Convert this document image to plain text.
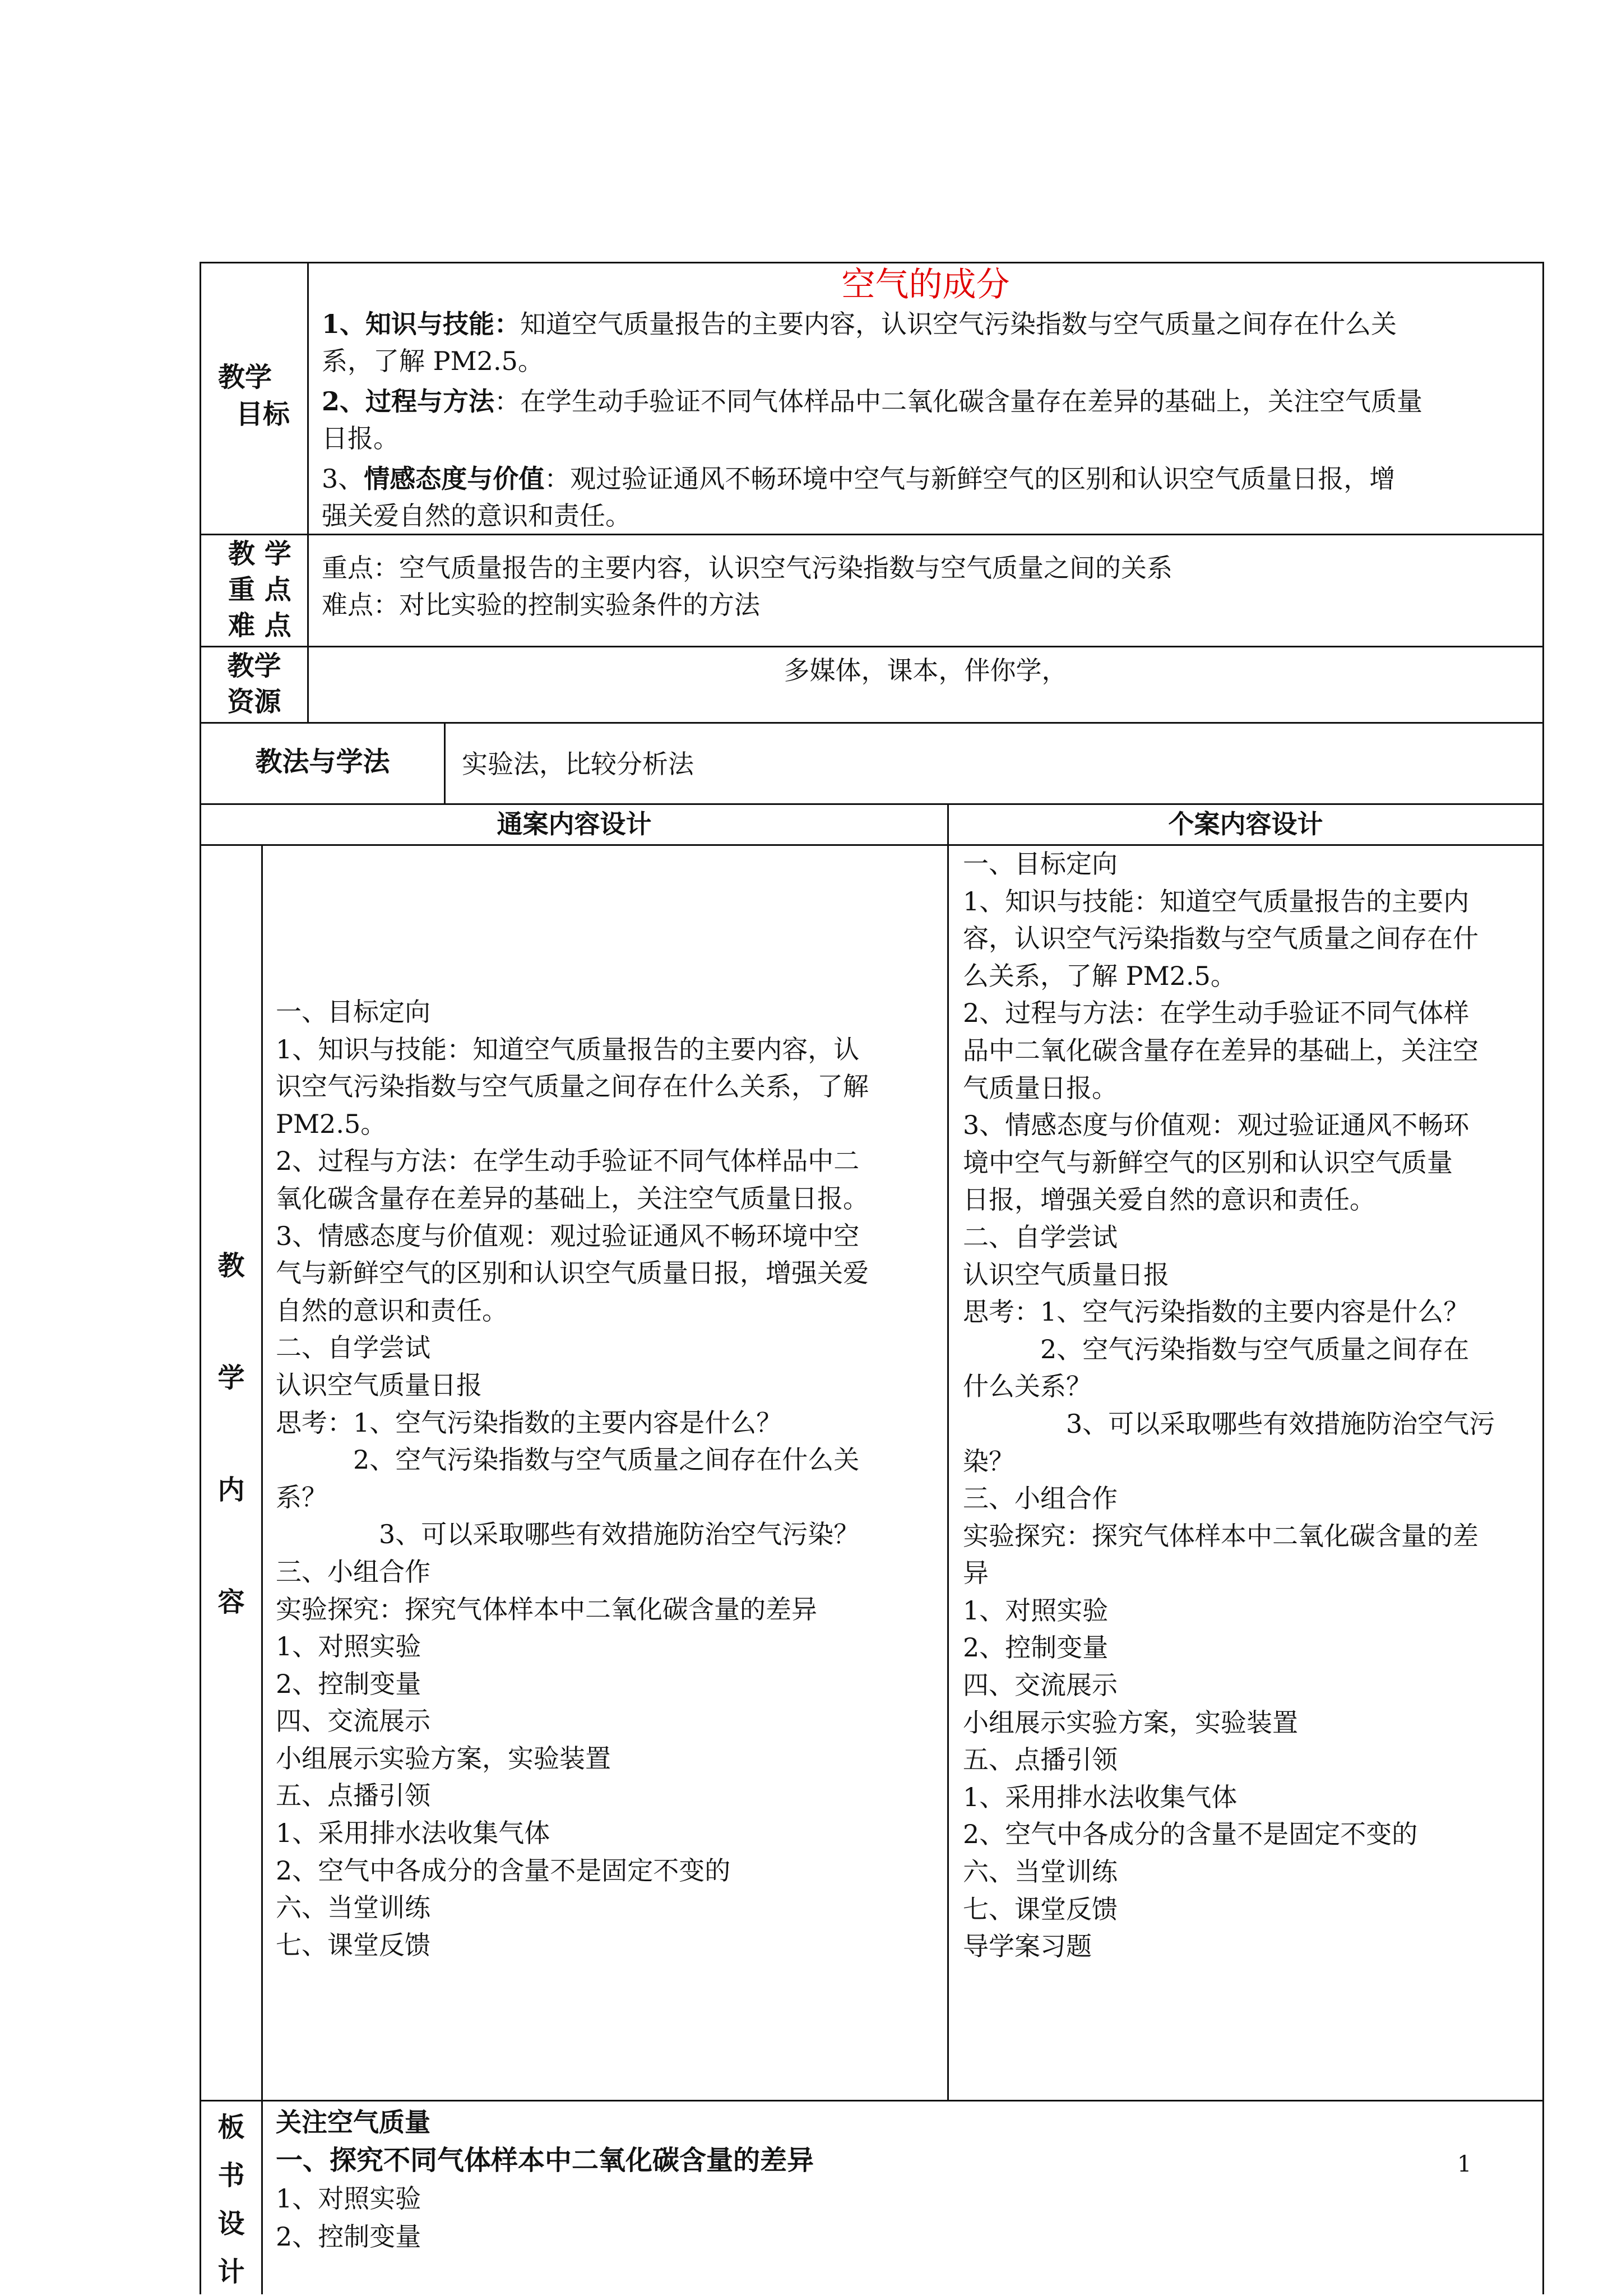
教学
目标
空气的成分
1、知识与技能：知道空气质量报告的主要内容，认识空气污染指数与空气质量之间存在什么关
系，了解 PM2.5。
2、过程与方法：在学生动手验证不同气体样品中二氧化碳含量存在差异的基础上，关注空气质量
日报。
3、情感态度与价值：观过验证通风不畅环境中空气与新鲜空气的区别和认识空气质量日报，增
强关爱自然的意识和责任。
教 学
重 点
难 点
重点：空气质量报告的主要内容，认识空气污染指数与空气质量之间的关系
难点：对比实验的控制实验条件的方法
教学
资源
多媒体，课本，伴你学，
教法与学法	实验法，比较分析法
通案内容设计	个案内容设计
教
学
内
容
一、目标定向
1、知识与技能：知道空气质量报告的主要内容，认
识空气污染指数与空气质量之间存在什么关系，了解
PM2.5。
2、过程与方法：在学生动手验证不同气体样品中二
氧化碳含量存在差异的基础上，关注空气质量日报。
3、情感态度与价值观：观过验证通风不畅环境中空
气与新鲜空气的区别和认识空气质量日报，增强关爱
自然的意识和责任。
二、自学尝试
认识空气质量日报
思考：1、空气污染指数的主要内容是什么？
　　　2、空气污染指数与空气质量之间存在什么关
系？
　　　　3、可以采取哪些有效措施防治空气污染？
三、小组合作
实验探究：探究气体样本中二氧化碳含量的差异
1、对照实验
2、控制变量
四、交流展示
小组展示实验方案，实验装置
五、点播引领
1、采用排水法收集气体
2、空气中各成分的含量不是固定不变的
六、当堂训练
七、课堂反馈
一、目标定向
1、知识与技能：知道空气质量报告的主要内
容，认识空气污染指数与空气质量之间存在什
么关系，了解 PM2.5。
2、过程与方法：在学生动手验证不同气体样
品中二氧化碳含量存在差异的基础上，关注空
气质量日报。
3、情感态度与价值观：观过验证通风不畅环
境中空气与新鲜空气的区别和认识空气质量
日报，增强关爱自然的意识和责任。
二、自学尝试
认识空气质量日报
思考：1、空气污染指数的主要内容是什么？
　　　2、空气污染指数与空气质量之间存在
什么关系？
　　　　3、可以采取哪些有效措施防治空气污
染？
三、小组合作
实验探究：探究气体样本中二氧化碳含量的差
异
1、对照实验
2、控制变量
四、交流展示
小组展示实验方案，实验装置
五、点播引领
1、采用排水法收集气体
2、空气中各成分的含量不是固定不变的
六、当堂训练
七、课堂反馈
导学案习题
板
书
设
计
关注空气质量
一、探究不同气体样本中二氧化碳含量的差异
1、对照实验
2、控制变量
1
